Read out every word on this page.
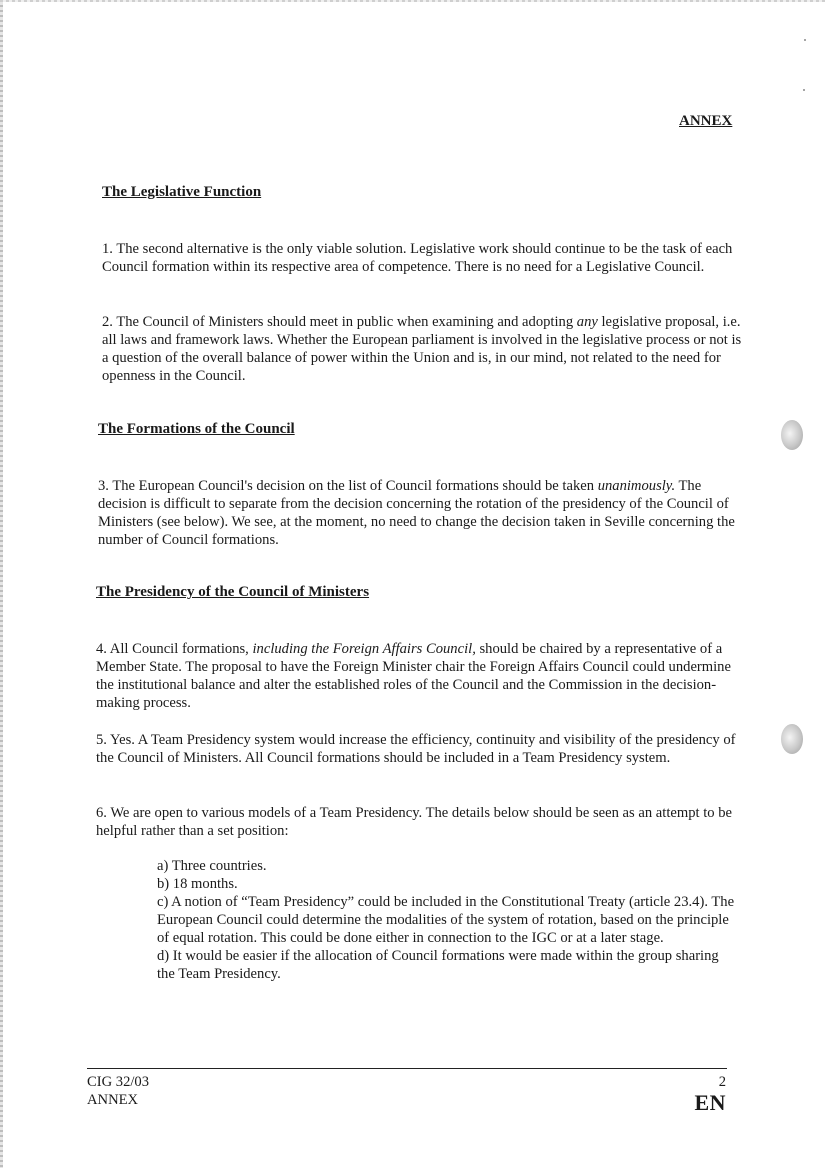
ANNEX

The Legislative Function

1. The second alternative is the only viable solution. Legislative work should continue to be the task of each Council formation within its respective area of competence. There is no need for a Legislative Council.

2. The Council of Ministers should meet in public when examining and adopting any legislative proposal, i.e. all laws and framework laws. Whether the European parliament is involved in the legislative process or not is a question of the overall balance of power within the Union and is, in our mind, not related to the need for openness in the Council.

The Formations of the Council

3. The European Council's decision on the list of Council formations should be taken unanimously. The decision is difficult to separate from the decision concerning the rotation of the presidency of the Council of Ministers (see below). We see, at the moment, no need to change the decision taken in Seville concerning the number of Council formations.

The Presidency of the Council of Ministers

4. All Council formations, including the Foreign Affairs Council, should be chaired by a representative of a Member State. The proposal to have the Foreign Minister chair the Foreign Affairs Council could undermine the institutional balance and alter the established roles of the Council and the Commission in the decision-making process.

5. Yes. A Team Presidency system would increase the efficiency, continuity and visibility of the presidency of the Council of Ministers. All Council formations should be included in a Team Presidency system.

6. We are open to various models of a Team Presidency. The details below should be seen as an attempt to be helpful rather than a set position:

a) Three countries.
b) 18 months.
c) A notion of “Team Presidency” could be included in the Constitutional Treaty (article 23.4). The European Council could determine the modalities of the system of rotation, based on the principle of equal rotation. This could be done either in connection to the IGC or at a later stage.
d) It would be easier if the allocation of Council formations were made within the group sharing the Team Presidency.
CIG 32/03
ANNEX
2
EN
